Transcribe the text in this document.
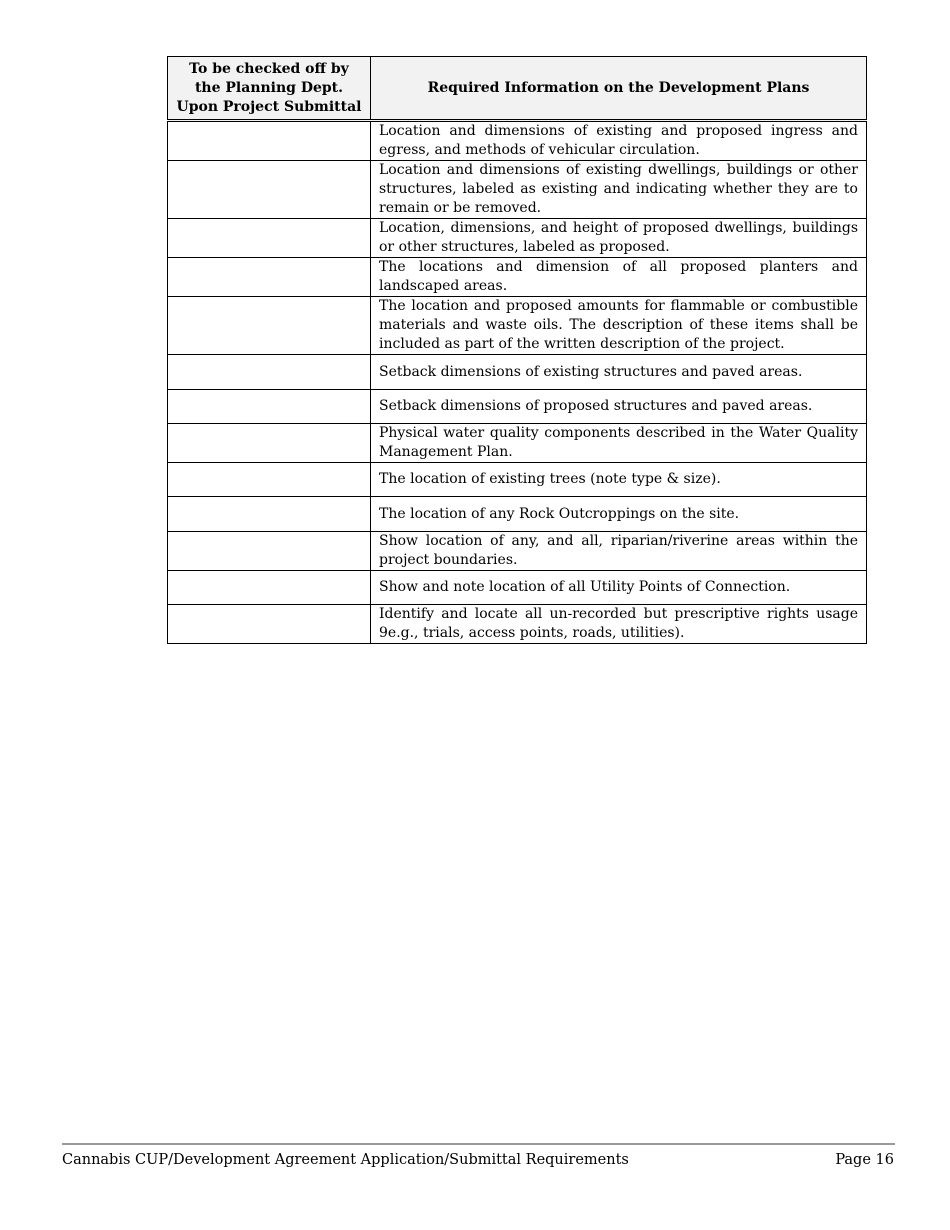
To be checked off by the Planning Dept. Upon Project Submittal	Required Information on the Development Plans
	Location and dimensions of existing and proposed ingress and egress, and methods of vehicular circulation.
	Location and dimensions of existing dwellings, buildings or other structures, labeled as existing and indicating whether they are to remain or be removed.
	Location, dimensions, and height of proposed dwellings, buildings or other structures, labeled as proposed.
	The locations and dimension of all proposed planters and landscaped areas.
	The location and proposed amounts for flammable or combustible materials and waste oils. The description of these items shall be included as part of the written description of the project.
	Setback dimensions of existing structures and paved areas.
	Setback dimensions of proposed structures and paved areas.
	Physical water quality components described in the Water Quality Management Plan.
	The location of existing trees (note type & size).
	The location of any Rock Outcroppings on the site.
	Show location of any, and all, riparian/riverine areas within the project boundaries.
	Show and note location of all Utility Points of Connection.
	Identify and locate all un-recorded but prescriptive rights usage 9e.g., trials, access points, roads, utilities).
Cannabis CUP/Development Agreement Application/Submittal Requirements	Page 16
